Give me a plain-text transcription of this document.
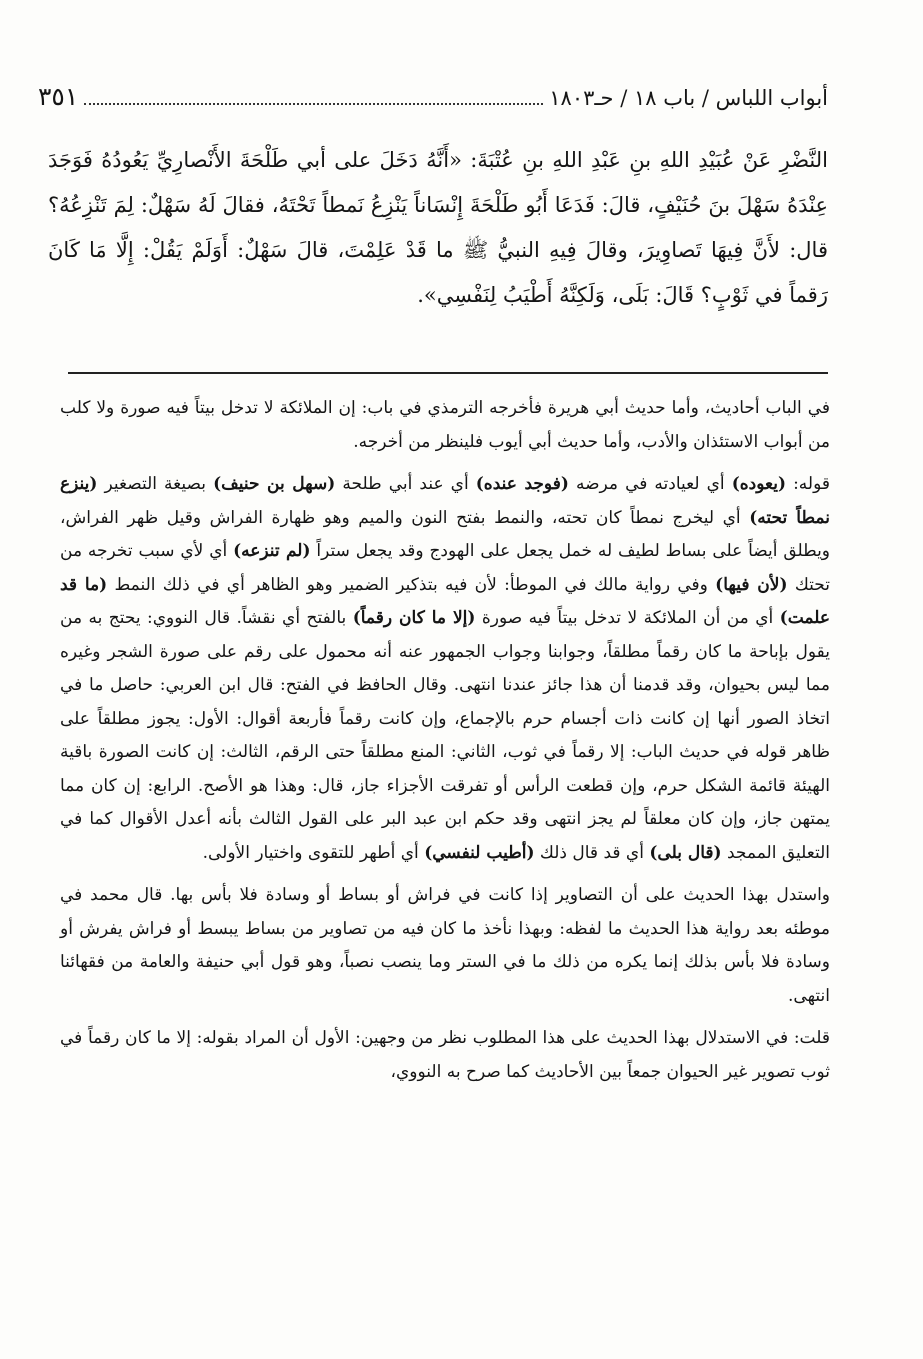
٣٥١	أبواب اللباس / باب ١٨ / حـ١٨٠٣
النَّضْرِ عَنْ عُبَيْدِ اللهِ بنِ عَبْدِ اللهِ بنِ عُتْبَةَ: «أَنَّهُ دَخَلَ على أبي طَلْحَةَ الأَنْصارِيِّ يَعُودُهُ فَوَجَدَ عِنْدَهُ سَهْلَ بنَ حُنَيْفٍ، قالَ: فَدَعَا أَبُو طَلْحَةَ إِنْسَاناً يَنْزِعُ نَمطاً تَحْتَهُ، فقالَ لَهُ سَهْلٌ: لِمَ تَنْزِعُهُ؟ قال: لأَنَّ فِيهَا تَصاوِيرَ، وقالَ فِيهِ النبيُّ ﷺ ما قَدْ عَلِمْتَ، قالَ سَهْلٌ: أَوَلَمْ يَقُلْ: إِلَّا مَا كَانَ رَقماً في ثَوْبٍ؟ قَالَ: بَلَى، وَلَكِنَّهُ أَطْيَبُ لِنَفْسِي».

في الباب أحاديث، وأما حديث أبي هريرة فأخرجه الترمذي في باب: إن الملائكة لا تدخل بيتاً فيه صورة ولا كلب من أبواب الاستئذان والأدب، وأما حديث أبي أيوب فلينظر من أخرجه.

قوله: (يعوده) أي لعيادته في مرضه (فوجد عنده) أي عند أبي طلحة (سهل بن حنيف) بصيغة التصغير (ينزع نمطاً تحته) أي ليخرج نمطاً كان تحته، والنمط بفتح النون والميم وهو ظهارة الفراش وقيل ظهر الفراش، ويطلق أيضاً على بساط لطيف له خمل يجعل على الهودج وقد يجعل ستراً (لم تنزعه) أي لأي سبب تخرجه من تحتك (لأن فيها) وفي رواية مالك في الموطأ: لأن فيه بتذكير الضمير وهو الظاهر أي في ذلك النمط (ما قد علمت) أي من أن الملائكة لا تدخل بيتاً فيه صورة (إلا ما كان رقماً) بالفتح أي نقشاً. قال النووي: يحتج به من يقول بإباحة ما كان رقماً مطلقاً، وجوابنا وجواب الجمهور عنه أنه محمول على رقم على صورة الشجر وغيره مما ليس بحيوان، وقد قدمنا أن هذا جائز عندنا انتهى. وقال الحافظ في الفتح: قال ابن العربي: حاصل ما في اتخاذ الصور أنها إن كانت ذات أجسام حرم بالإجماع، وإن كانت رقماً فأربعة أقوال: الأول: يجوز مطلقاً على ظاهر قوله في حديث الباب: إلا رقماً في ثوب، الثاني: المنع مطلقاً حتى الرقم، الثالث: إن كانت الصورة باقية الهيئة قائمة الشكل حرم، وإن قطعت الرأس أو تفرقت الأجزاء جاز، قال: وهذا هو الأصح. الرابع: إن كان مما يمتهن جاز، وإن كان معلقاً لم يجز انتهى وقد حكم ابن عبد البر على القول الثالث بأنه أعدل الأقوال كما في التعليق الممجد (قال بلى) أي قد قال ذلك (أطيب لنفسي) أي أطهر للتقوى واختيار الأولى.

واستدل بهذا الحديث على أن التصاوير إذا كانت في فراش أو بساط أو وسادة فلا بأس بها. قال محمد في موطئه بعد رواية هذا الحديث ما لفظه: وبهذا نأخذ ما كان فيه من تصاوير من بساط يبسط أو فراش يفرش أو وسادة فلا بأس بذلك إنما يكره من ذلك ما في الستر وما ينصب نصباً، وهو قول أبي حنيفة والعامة من فقهائنا انتهى.

قلت: في الاستدلال بهذا الحديث على هذا المطلوب نظر من وجهين: الأول أن المراد بقوله: إلا ما كان رقماً في ثوب تصوير غير الحيوان جمعاً بين الأحاديث كما صرح به النووي،
